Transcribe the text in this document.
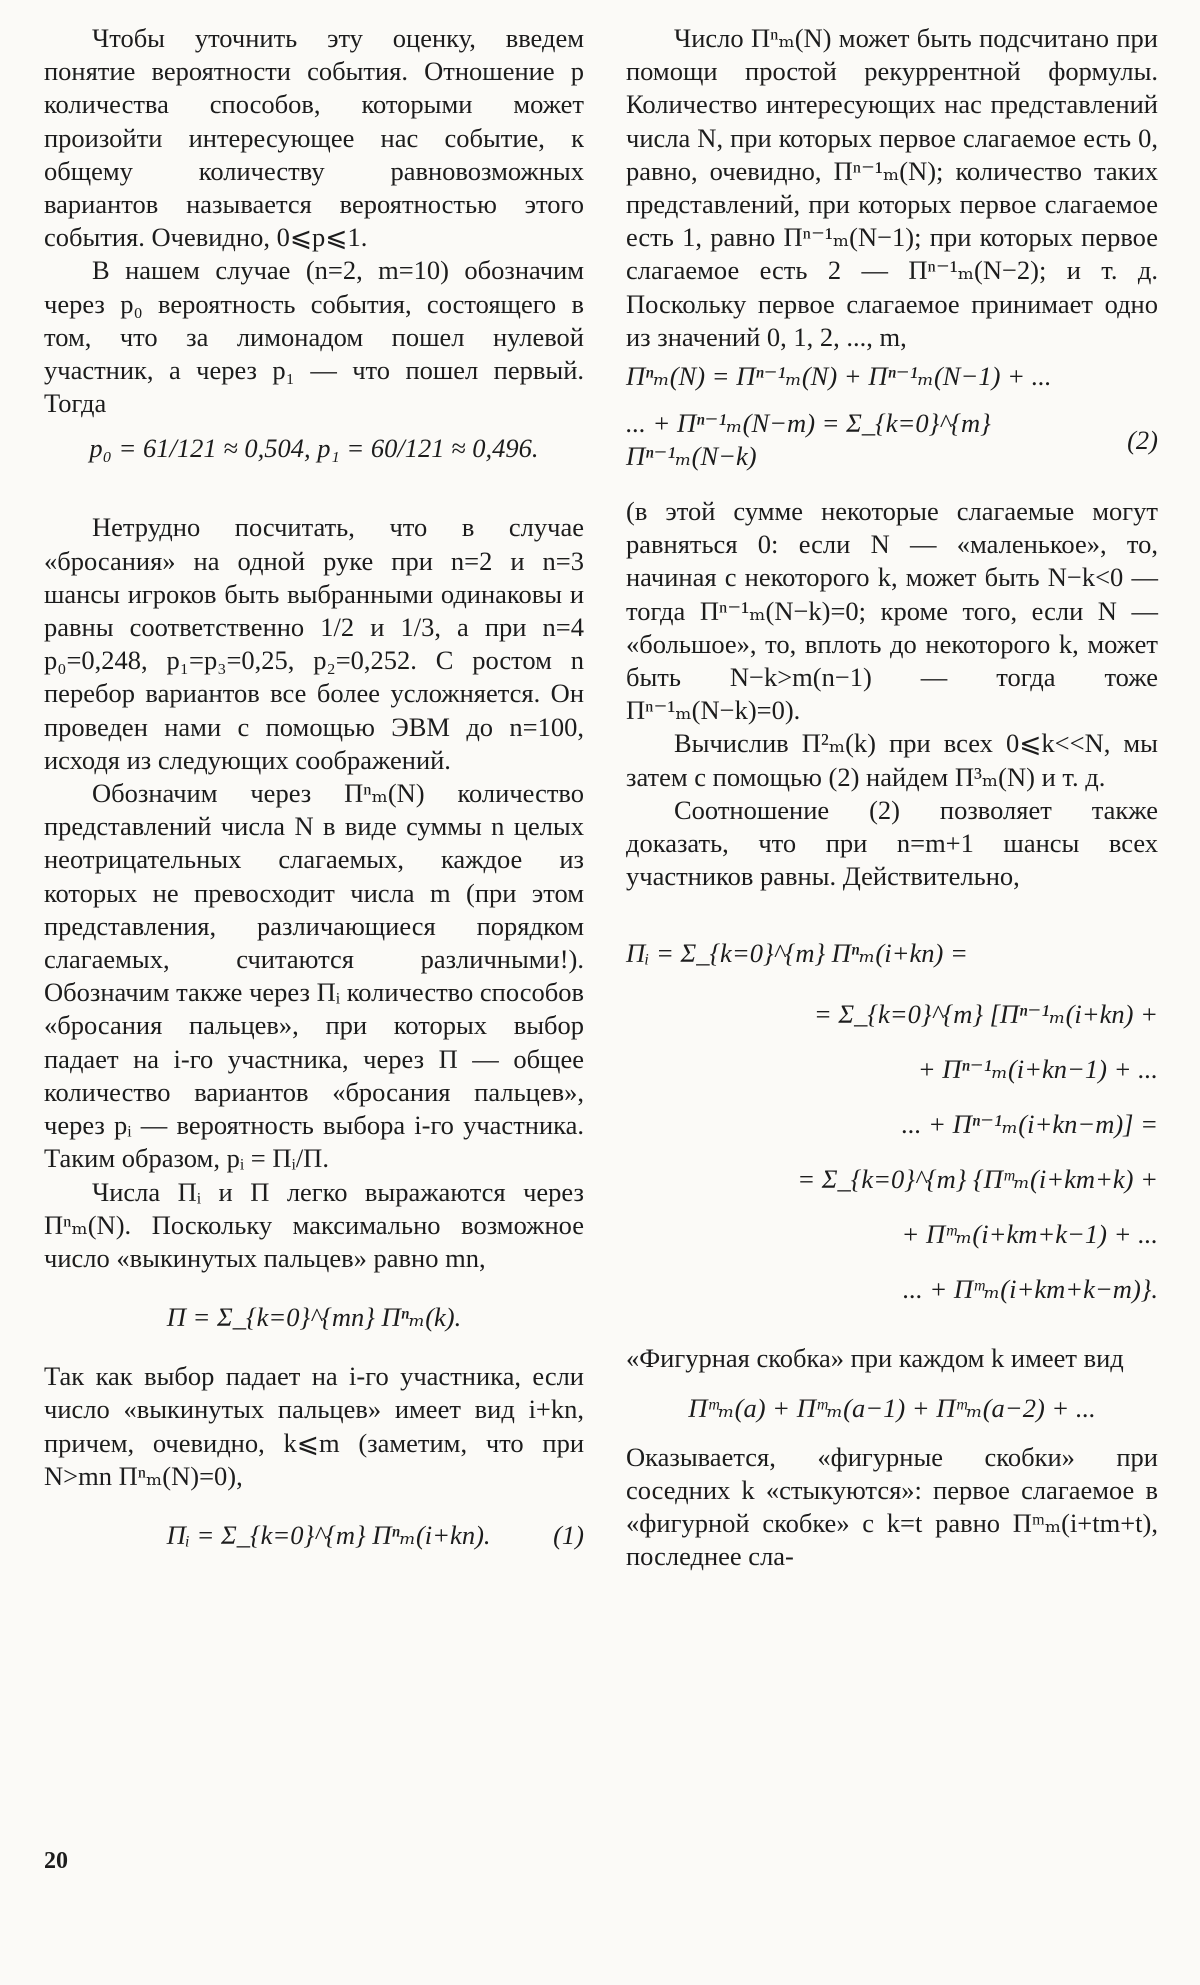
Чтобы уточнить эту оценку, введем понятие вероятности события. Отношение p количества способов, которыми может произойти интересующее нас событие, к общему количеству равновозможных вариантов называется вероятностью этого события. Очевидно, 0⩽p⩽1.

В нашем случае (n=2, m=10) обозначим через p₀ вероятность события, состоящего в том, что за лимонадом пошел нулевой участник, а через p₁ — что пошел первый. Тогда

p₀ = 61/121 ≈ 0,504, p₁ = 60/121 ≈ 0,496.

Нетрудно посчитать, что в случае «бросания» на одной руке при n=2 и n=3 шансы игроков быть выбранными одинаковы и равны соответственно 1/2 и 1/3, а при n=4 p₀=0,248, p₁=p₃=0,25, p₂=0,252. С ростом n перебор вариантов все более усложняется. Он проведен нами с помощью ЭВМ до n=100, исходя из следующих соображений.

Обозначим через Πⁿₘ(N) количество представлений числа N в виде суммы n целых неотрицательных слагаемых, каждое из которых не превосходит числа m (при этом представления, различающиеся порядком слагаемых, считаются различными!). Обозначим также через Πᵢ количество способов «бросания пальцев», при которых выбор падает на i-го участника, через Π — общее количество вариантов «бросания пальцев», через pᵢ — вероятность выбора i-го участника. Таким образом, pᵢ = Πᵢ/Π.

Числа Πᵢ и Π легко выражаются через Πⁿₘ(N). Поскольку максимально возможное число «выкинутых пальцев» равно mn,

Π = Σ_{k=0}^{mn} Πⁿₘ(k).

Так как выбор падает на i-го участника, если число «выкинутых пальцев» имеет вид i+kn, причем, очевидно, k⩽m (заметим, что при N>mn Πⁿₘ(N)=0),

Πᵢ = Σ_{k=0}^{m} Πⁿₘ(i+kn). (1)

Число Πⁿₘ(N) может быть подсчитано при помощи простой рекуррентной формулы. Количество интересующих нас представлений числа N, при которых первое слагаемое есть 0, равно, очевидно, Πⁿ⁻¹ₘ(N); количество таких представлений, при которых первое слагаемое есть 1, равно Πⁿ⁻¹ₘ(N−1); при которых первое слагаемое есть 2 — Πⁿ⁻¹ₘ(N−2); и т. д. Поскольку первое слагаемое принимает одно из значений 0, 1, 2, ..., m,

Πⁿₘ(N) = Πⁿ⁻¹ₘ(N) + Πⁿ⁻¹ₘ(N−1) + ...
... + Πⁿ⁻¹ₘ(N−m) = Σ_{k=0}^{m} Πⁿ⁻¹ₘ(N−k)
(2)

(в этой сумме некоторые слагаемые могут равняться 0: если N — «маленькое», то, начиная с некоторого k, может быть N−k<0 — тогда Πⁿ⁻¹ₘ(N−k)=0; кроме того, если N — «большое», то, вплоть до некоторого k, может быть N−k>m(n−1) — тогда тоже Πⁿ⁻¹ₘ(N−k)=0).

Вычислив Π²ₘ(k) при всех 0⩽k<<N, мы затем с помощью (2) найдем Π³ₘ(N) и т. д.

Соотношение (2) позволяет также доказать, что при n=m+1 шансы всех участников равны. Действительно,

Πᵢ = Σ_{k=0}^{m} Πⁿₘ(i+kn) =
= Σ_{k=0}^{m} [Πⁿ⁻¹ₘ(i+kn) +
+ Πⁿ⁻¹ₘ(i+kn−1) + ...
... + Πⁿ⁻¹ₘ(i+kn−m)] =
= Σ_{k=0}^{m} {Πᵐₘ(i+km+k) +
+ Πᵐₘ(i+km+k−1) + ...
... + Πᵐₘ(i+km+k−m)}.

«Фигурная скобка» при каждом k имеет вид

Πᵐₘ(a) + Πᵐₘ(a−1) + Πᵐₘ(a−2) + ...

Оказывается, «фигурные скобки» при соседних k «стыкуются»: первое слагаемое в «фигурной скобке» с k=t равно Πᵐₘ(i+tm+t), последнее сла-

20
